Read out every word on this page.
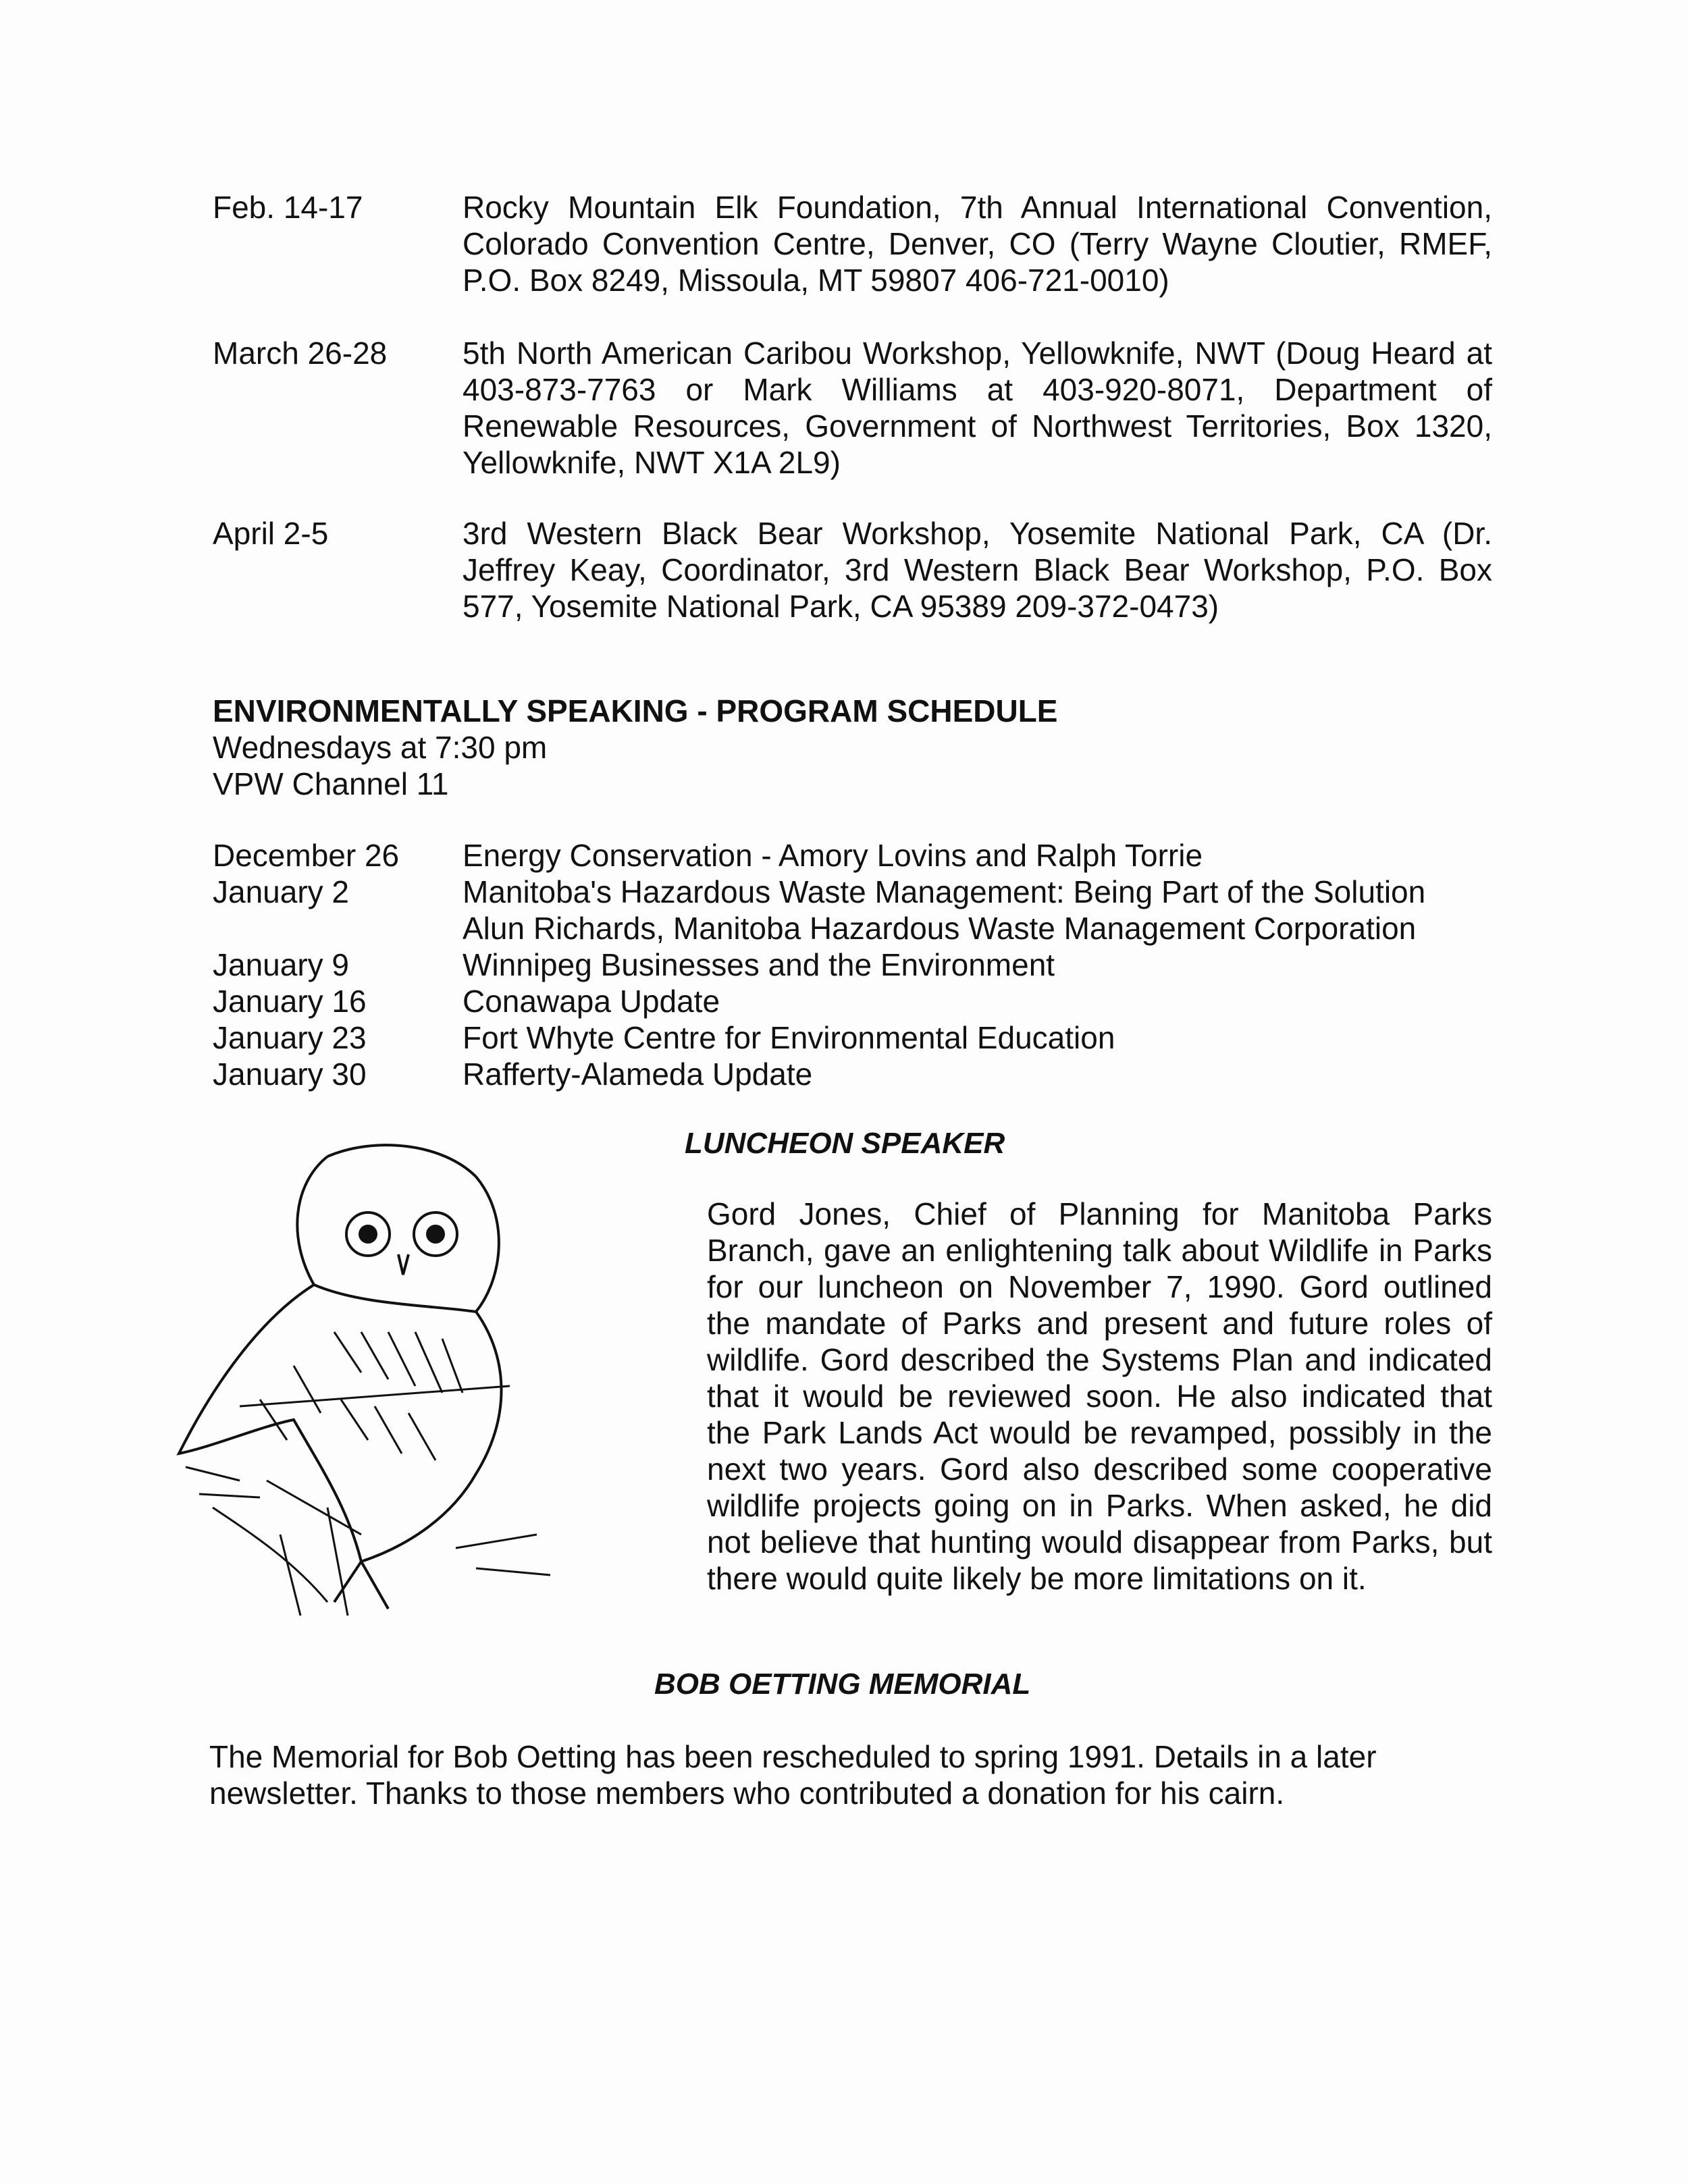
Feb. 14-17	Rocky Mountain Elk Foundation, 7th Annual International Convention, Colorado Convention Centre, Denver, CO (Terry Wayne Cloutier, RMEF, P.O. Box 8249, Missoula, MT 59807 406-721-0010)
March 26-28	5th North American Caribou Workshop, Yellowknife, NWT (Doug Heard at 403-873-7763 or Mark Williams at 403-920-8071, Department of Renewable Resources, Government of Northwest Territories, Box 1320, Yellowknife, NWT X1A 2L9)
April 2-5	3rd Western Black Bear Workshop, Yosemite National Park, CA (Dr. Jeffrey Keay, Coordinator, 3rd Western Black Bear Workshop, P.O. Box 577, Yosemite National Park, CA 95389 209-372-0473)
ENVIRONMENTALLY SPEAKING - PROGRAM SCHEDULE
Wednesdays at 7:30 pm
VPW Channel 11
December 26	Energy Conservation - Amory Lovins and Ralph Torrie
January 2	Manitoba's Hazardous Waste Management: Being Part of the Solution
Alun Richards, Manitoba Hazardous Waste Management Corporation
January 9	Winnipeg Businesses and the Environment
January 16	Conawapa Update
January 23	Fort Whyte Centre for Environmental Education
January 30	Rafferty-Alameda Update
LUNCHEON SPEAKER
Gord Jones, Chief of Planning for Manitoba Parks Branch, gave an enlightening talk about Wildlife in Parks for our luncheon on November 7, 1990. Gord outlined the mandate of Parks and present and future roles of wildlife. Gord described the Systems Plan and indicated that it would be reviewed soon. He also indicated that the Park Lands Act would be revamped, possibly in the next two years. Gord also described some cooperative wildlife projects going on in Parks. When asked, he did not believe that hunting would disappear from Parks, but there would quite likely be more limitations on it.
BOB OETTING MEMORIAL
The Memorial for Bob Oetting has been rescheduled to spring 1991. Details in a later newsletter. Thanks to those members who contributed a donation for his cairn.
